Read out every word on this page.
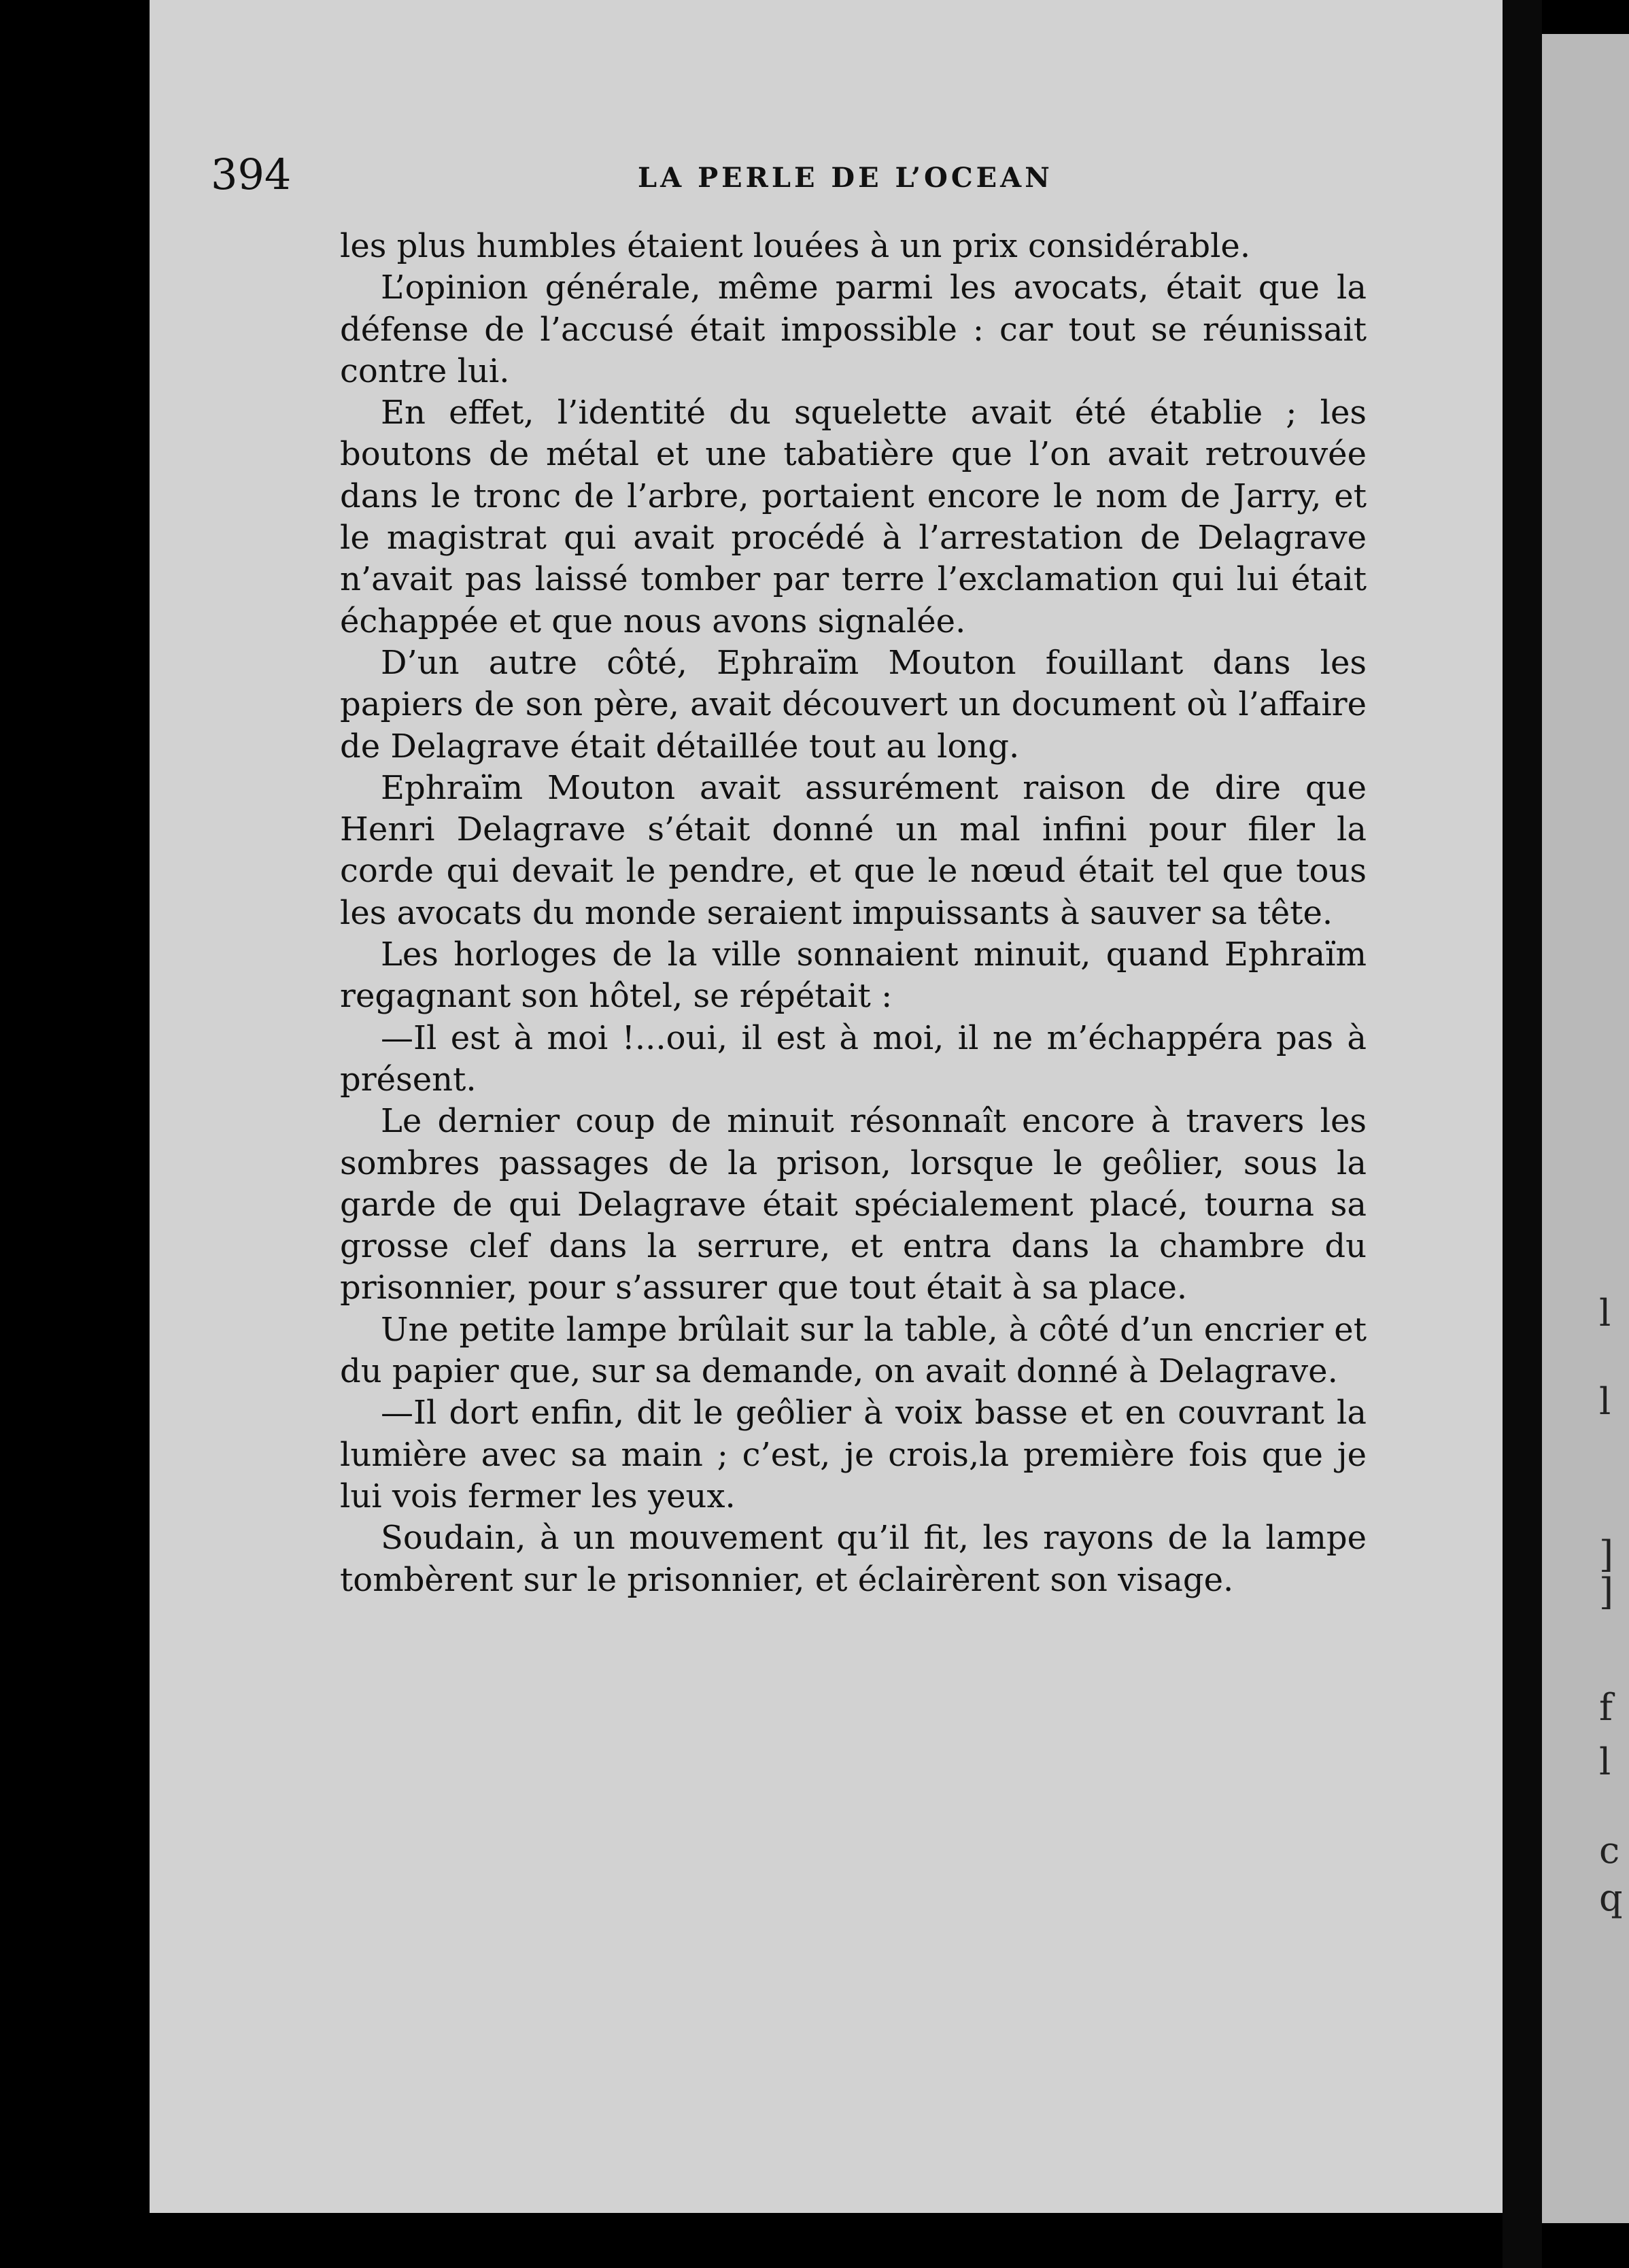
394	LA PERLE DE L’OCEAN

les plus humbles étaient louées à un prix considérable.

L’opinion générale, même parmi les avocats, était que la défense de l’accusé était impossible : car tout se réunissait contre lui.

En effet, l’identité du squelette avait été établie ; les boutons de métal et une tabatière que l’on avait retrouvée dans le tronc de l’arbre, portaient encore le nom de Jarry, et le magistrat qui avait procédé à l’arrestation de Delagrave n’avait pas laissé tomber par terre l’exclamation qui lui était échappée et que nous avons signalée.

D’un autre côté, Ephraïm Mouton fouillant dans les papiers de son père, avait découvert un document où l’affaire de Delagrave était détaillée tout au long.

Ephraïm Mouton avait assurément raison de dire que Henri Delagrave s’était donné un mal infini pour filer la corde qui devait le pendre, et que le nœud était tel que tous les avocats du monde seraient impuissants à sauver sa tête.

Les horloges de la ville sonnaient minuit, quand Ephraïm regagnant son hôtel, se répétait :

—Il est à moi !...oui, il est à moi, il ne m’échappéra pas à présent.

Le dernier coup de minuit résonnaît encore à travers les sombres passages de la prison, lorsque le geôlier, sous la garde de qui Delagrave était spécialement placé, tourna sa grosse clef dans la serrure, et entra dans la chambre du prisonnier, pour s’assurer que tout était à sa place.

Une petite lampe brûlait sur la table, à côté d’un encrier et du papier que, sur sa demande, on avait donné à Delagrave.

—Il dort enfin, dit le geôlier à voix basse et en couvrant la lumière avec sa main ; c’est, je crois,la première fois que je lui vois fermer les yeux.

Soudain, à un mouvement qu’il fit, les rayons de la lampe tombèrent sur le prisonnier, et éclairèrent son visage.

l
l
]
]
f
l
c
q
